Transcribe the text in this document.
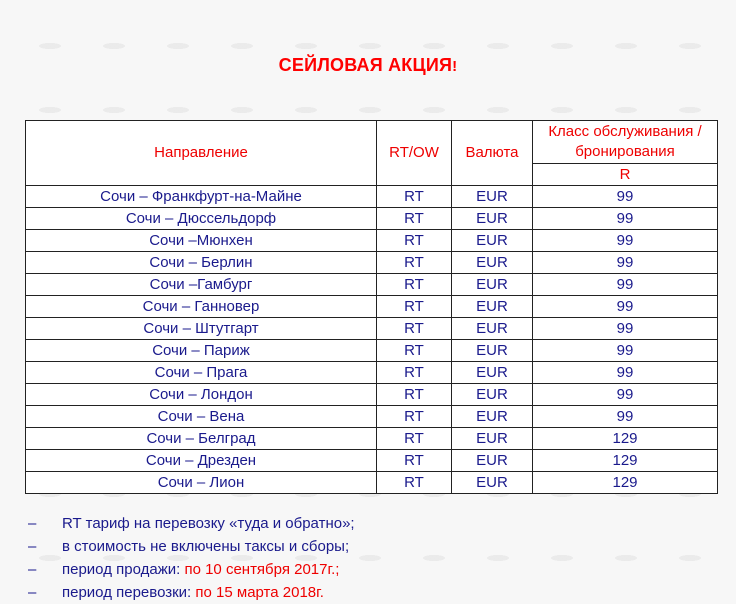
СЕЙЛОВАЯ АКЦИЯ!
Направление	RT/OW	Валюта	Класс обслуживания / бронирования
			R
Сочи – Франкфурт-на-Майне	RT	EUR	99
Сочи – Дюссельдорф	RT	EUR	99
Сочи –Мюнхен	RT	EUR	99
Сочи – Берлин	RT	EUR	99
Сочи –Гамбург	RT	EUR	99
Сочи – Ганновер	RT	EUR	99
Сочи – Штутгарт	RT	EUR	99
Сочи – Париж	RT	EUR	99
Сочи – Прага	RT	EUR	99
Сочи – Лондон	RT	EUR	99
Сочи – Вена	RT	EUR	99
Сочи – Белград	RT	EUR	129
Сочи – Дрезден	RT	EUR	129
Сочи – Лион	RT	EUR	129
– RT тариф на перевозку «туда и обратно»;
– в стоимость не включены таксы и сборы;
– период продажи: по 10 сентября 2017г.;
– период перевозки: по 15 марта 2018г.
